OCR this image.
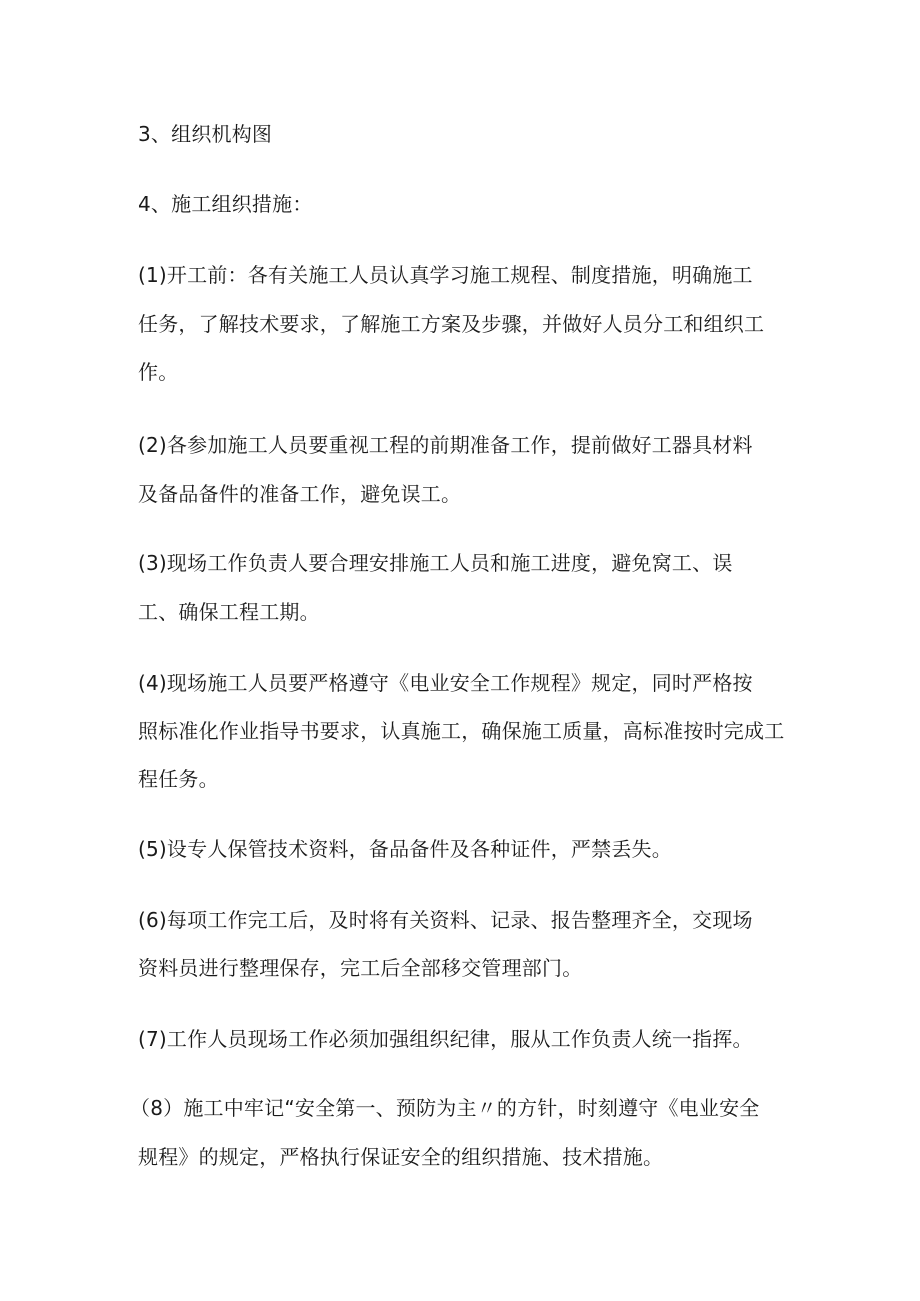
3、组织机构图
4、施工组织措施：
(1)开工前：各有关施工人员认真学习施工规程、制度措施，明确施工
任务，了解技术要求，了解施工方案及步骤，并做好人员分工和组织工
作。
(2)各参加施工人员要重视工程的前期准备工作，提前做好工器具材料
及备品备件的准备工作，避免误工。
(3)现场工作负责人要合理安排施工人员和施工进度，避免窝工、误
工、确保工程工期。
(4)现场施工人员要严格遵守《电业安全工作规程》规定，同时严格按
照标准化作业指导书要求，认真施工，确保施工质量，高标准按时完成工
程任务。
(5)设专人保管技术资料，备品备件及各种证件，严禁丢失。
(6)每项工作完工后，及时将有关资料、记录、报告整理齐全，交现场
资料员进行整理保存，完工后全部移交管理部门。
(7)工作人员现场工作必须加强组织纪律，服从工作负责人统一指挥。
（8）施工中牢记“安全第一、预防为主〃的方针，时刻遵守《电业安全
规程》的规定，严格执行保证安全的组织措施、技术措施。
